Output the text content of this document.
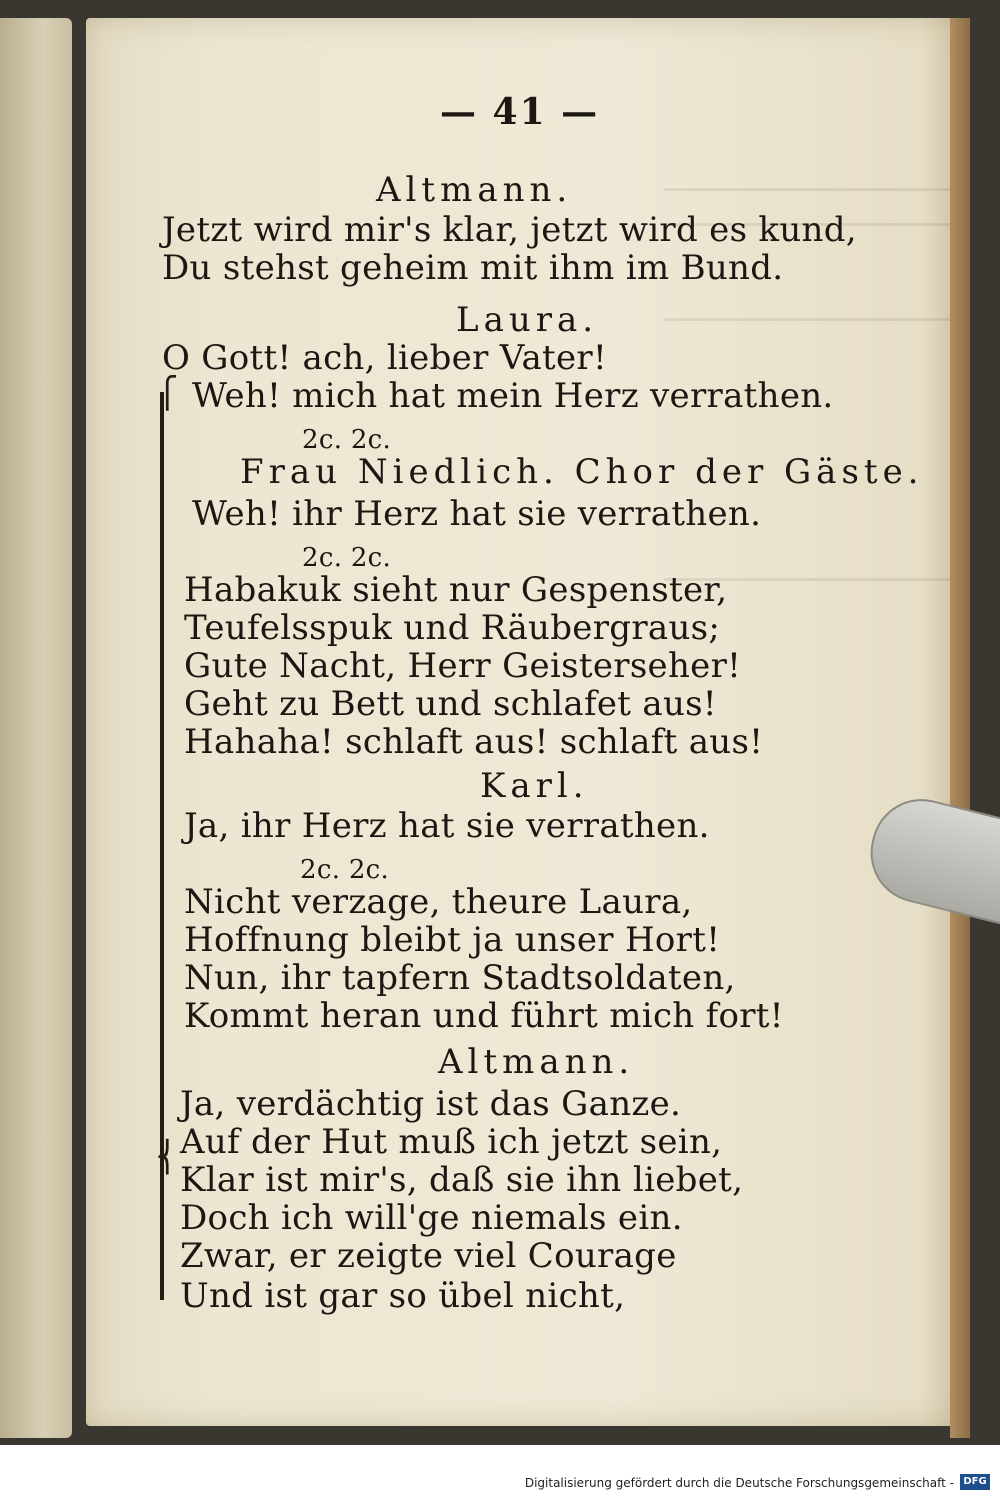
— 41 —
Altmann.
Jetzt wird mir's klar, jetzt wird es kund,
Du stehst geheim mit ihm im Bund.
Laura.
O Gott! ach, lieber Vater!
Weh! mich hat mein Herz verrathen.
2c. 2c.
Frau Niedlich. Chor der Gäste.
Weh! ihr Herz hat sie verrathen.
2c. 2c.
Habakuk sieht nur Gespenster,
Teufelsspuk und Räubergraus;
Gute Nacht, Herr Geisterseher!
Geht zu Bett und schlafet aus!
Hahaha! schlaft aus! schlaft aus!
Karl.
Ja, ihr Herz hat sie verrathen.
2c. 2c.
Nicht verzage, theure Laura,
Hoffnung bleibt ja unser Hort!
Nun, ihr tapfern Stadtsoldaten,
Kommt heran und führt mich fort!
Altmann.
Ja, verdächtig ist das Ganze.
Auf der Hut muß ich jetzt sein,
Klar ist mir's, daß sie ihn liebet,
Doch ich will'ge niemals ein.
Zwar, er zeigte viel Courage
Und ist gar so übel nicht,
⎧
⎨
Digitalisierung gefördert durch die Deutsche Forschungsgemeinschaft - DFG
